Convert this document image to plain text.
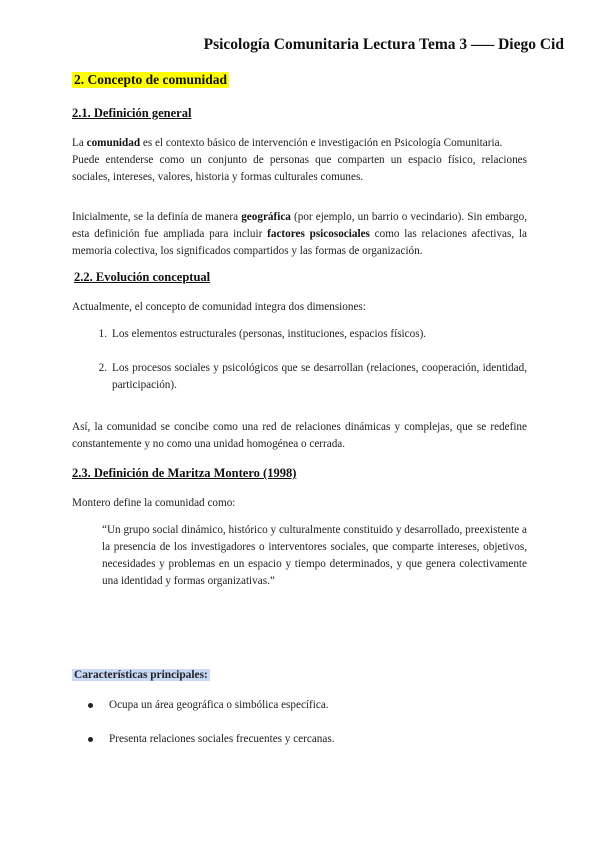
Psicología Comunitaria Lectura Tema 3 —– Diego Cid
2. Concepto de comunidad
2.1. Definición general
La comunidad es el contexto básico de intervención e investigación en Psicología Comunitaria.
Puede entenderse como un conjunto de personas que comparten un espacio físico, relaciones sociales, intereses, valores, historia y formas culturales comunes.
Inicialmente, se la definía de manera geográfica (por ejemplo, un barrio o vecindario). Sin embargo, esta definición fue ampliada para incluir factores psicosociales como las relaciones afectivas, la memoria colectiva, los significados compartidos y las formas de organización.
2.2. Evolución conceptual
Actualmente, el concepto de comunidad integra dos dimensiones:
1. Los elementos estructurales (personas, instituciones, espacios físicos).
2. Los procesos sociales y psicológicos que se desarrollan (relaciones, cooperación, identidad, participación).
Así, la comunidad se concibe como una red de relaciones dinámicas y complejas, que se redefine constantemente y no como una unidad homogénea o cerrada.
2.3. Definición de Maritza Montero (1998)
Montero define la comunidad como:
“Un grupo social dinámico, histórico y culturalmente constituido y desarrollado, preexistente a la presencia de los investigadores o interventores sociales, que comparte intereses, objetivos, necesidades y problemas en un espacio y tiempo determinados, y que genera colectivamente una identidad y formas organizativas.”
Características principales:
Ocupa un área geográfica o simbólica específica.
Presenta relaciones sociales frecuentes y cercanas.
